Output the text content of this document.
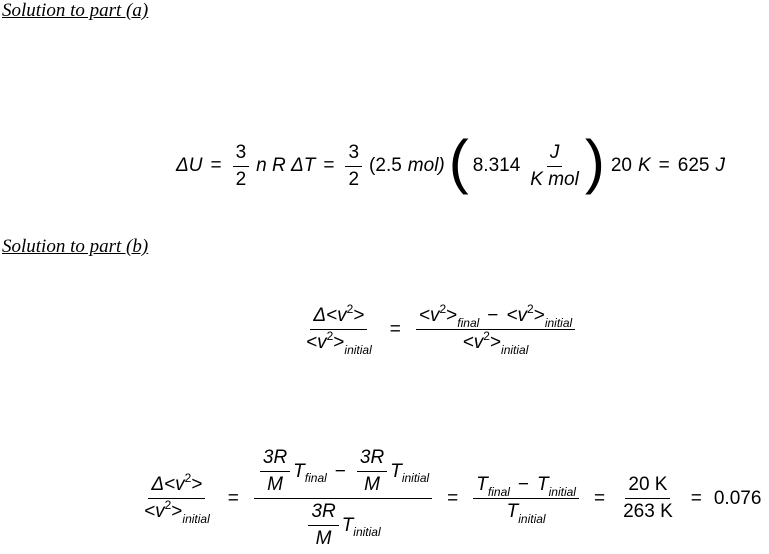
Solution to part (a)
$\Delta U = \frac{3}{2}$ n R $\Delta T = \frac{3}{2} (2.5$ mol) ( $8.314 \frac{J}{\text{K mol}}$ ) 20 K = 625 J
Solution to part (b)
$\frac{\Delta<v^2>}{<v^2>_{initial}} = \frac{<v^2>_{final} - <v^2>_{initial}}{<v^2>_{initial}}$
$\frac{\Delta<v^2>}{<v^2>_{initial}}$ =
$\frac{3R}{M}$ T final − $\frac{3R}{M}$ T initial
$\frac{3R}{M}$ T initial
= $\frac{T_{final} - T_{initial}}{T_{initial}} = \frac{20 K}{263 K} = 0.076$
